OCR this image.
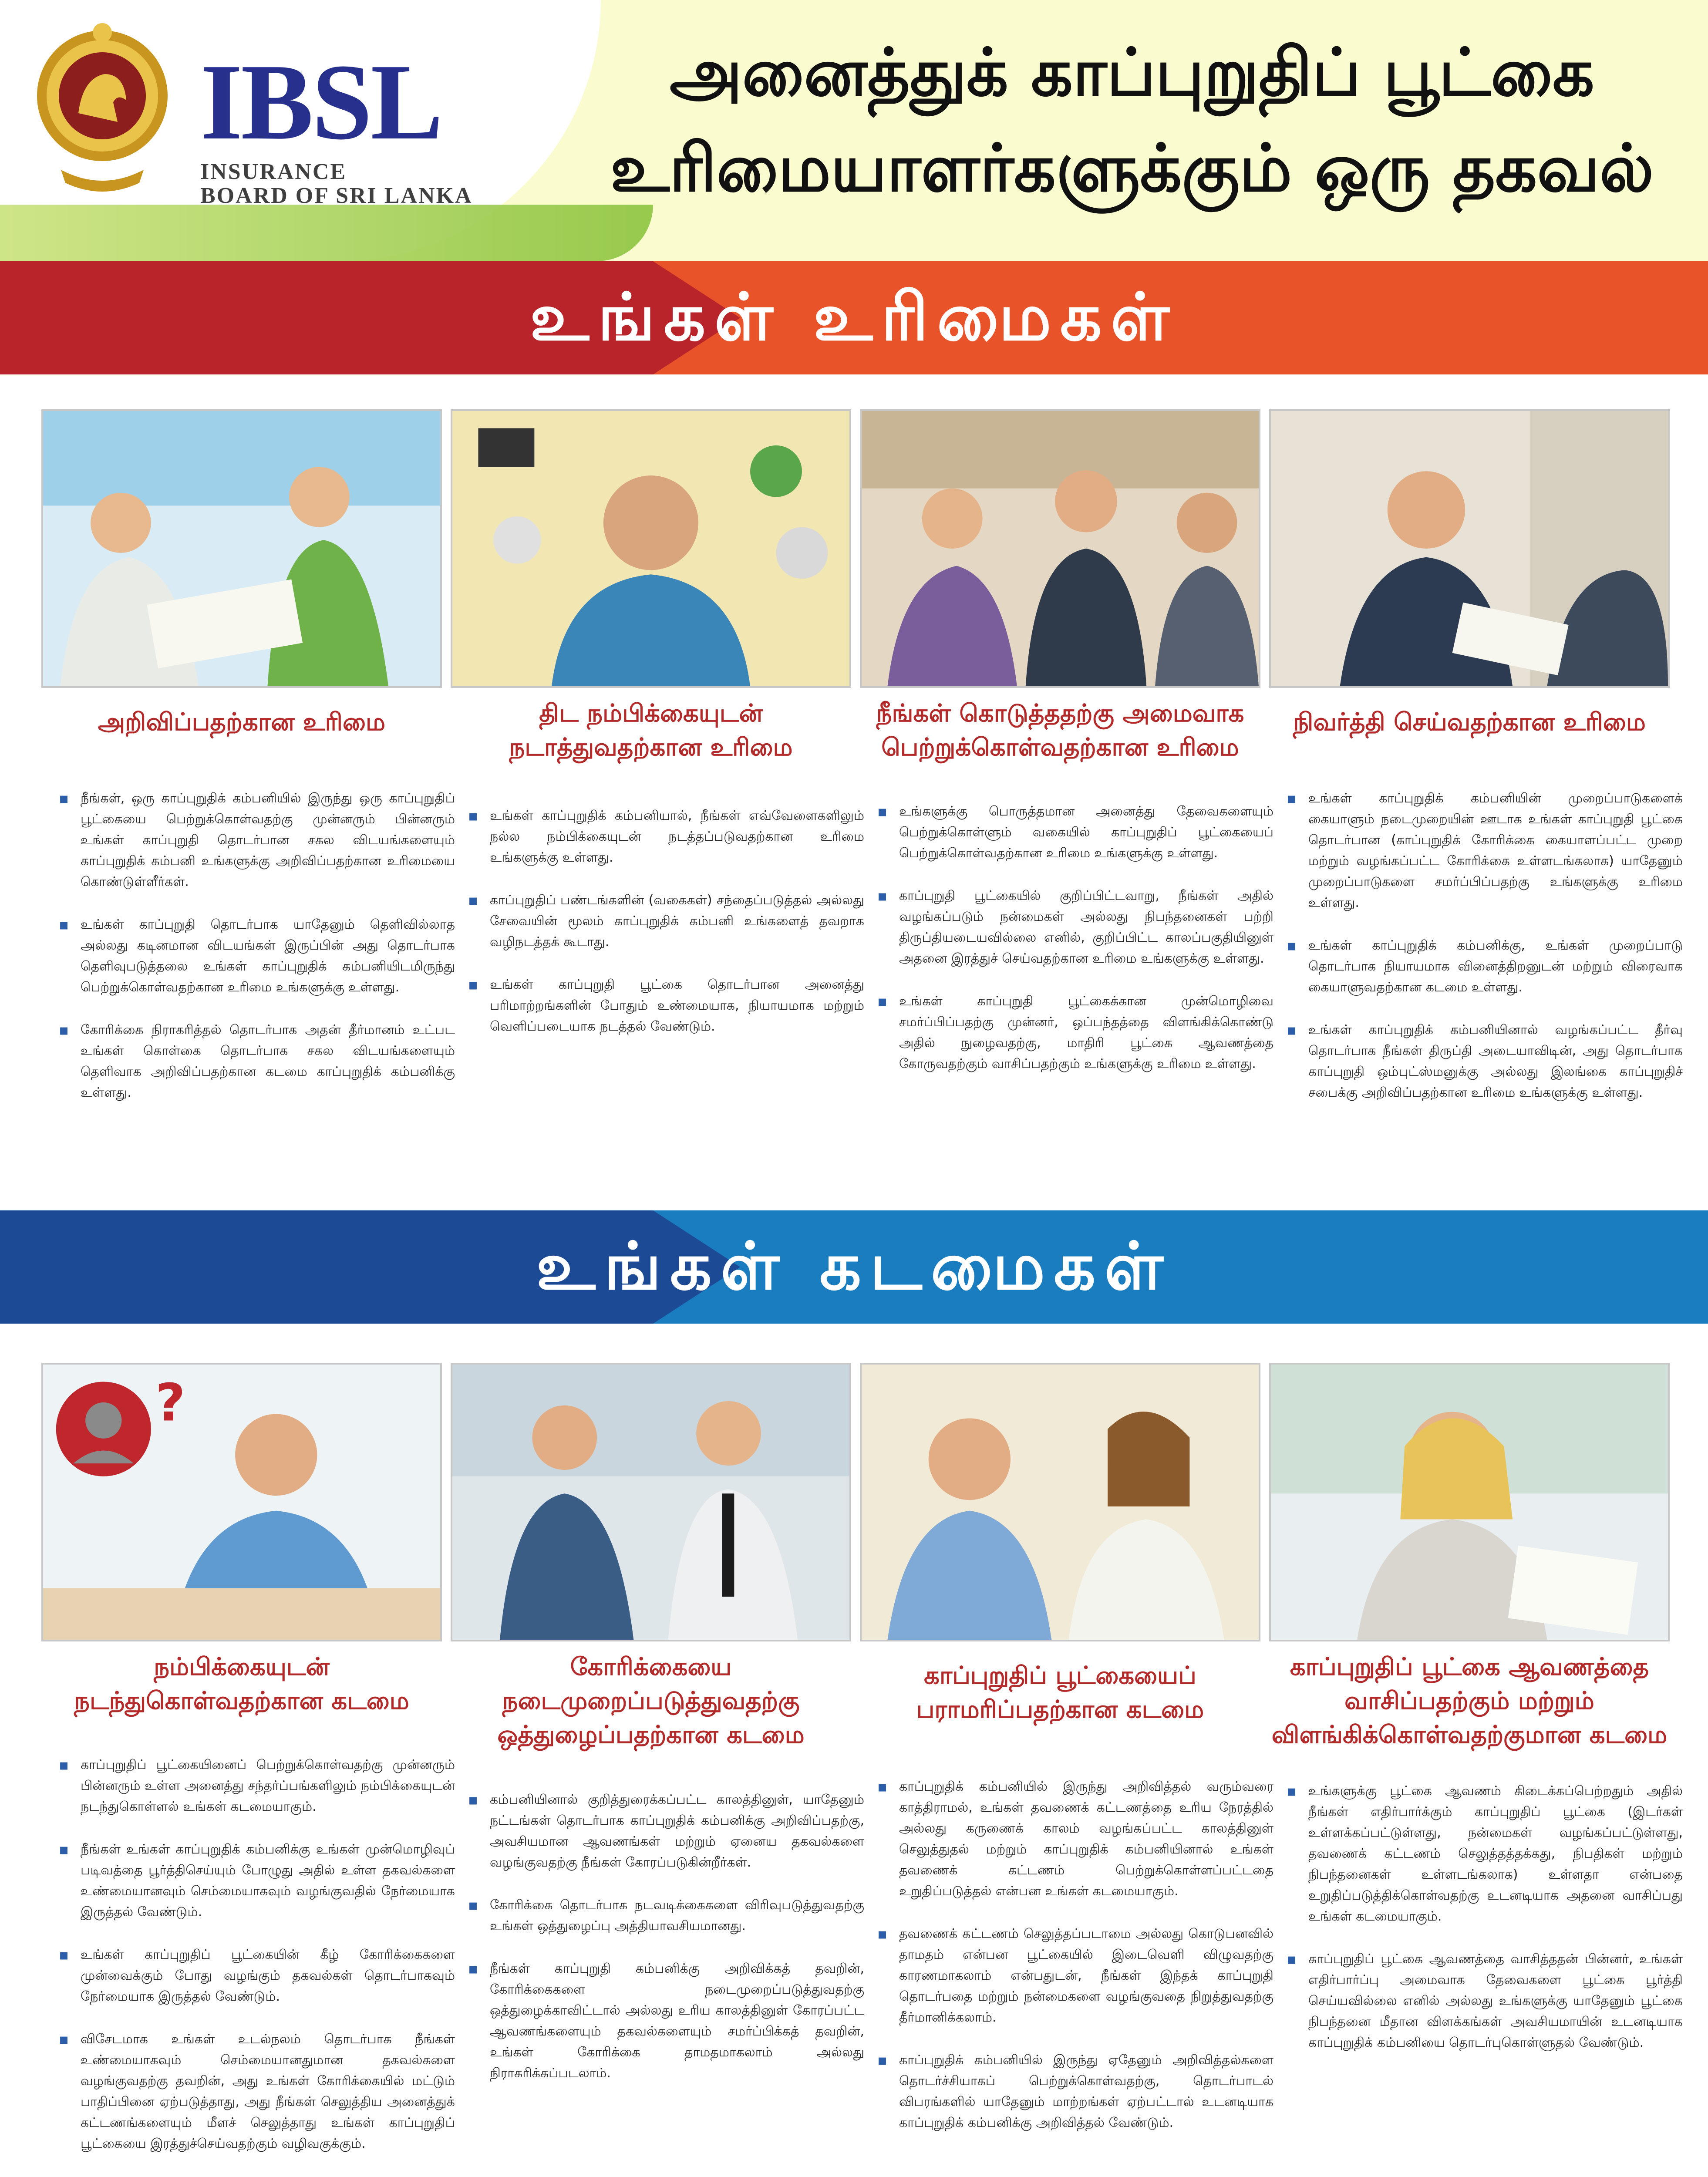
IBSL
INSURANCE
BOARD OF SRI LANKA
அனைத்துக் காப்புறுதிப் பூட்கை
உரிமையாளர்களுக்கும் ஒரு தகவல்
உங்கள் உரிமைகள்
அறிவிப்பதற்கான உரிமை
▪ நீங்கள், ஒரு காப்புறுதிக் கம்பனியில் இருந்து ஒரு காப்புறுதிப் பூட்கையை பெற்றுக்கொள்வதற்கு முன்னரும் பின்னரும் உங்கள் காப்புறுதி தொடர்பான சகல விடயங்களையும் காப்புறுதிக் கம்பனி உங்களுக்கு அறிவிப்பதற்கான உரிமையை கொண்டுள்ளீர்கள்.
▪ உங்கள் காப்புறுதி தொடர்பாக யாதேனும் தெளிவில்லாத அல்லது கடினமான விடயங்கள் இருப்பின் அது தொடர்பாக தெளிவுபடுத்தலை உங்கள் காப்புறுதிக் கம்பனியிடமிருந்து பெற்றுக்கொள்வதற்கான உரிமை உங்களுக்கு உள்ளது.
▪ கோரிக்கை நிராகரித்தல் தொடர்பாக அதன் தீர்மானம் உட்பட உங்கள் கொள்கை தொடர்பாக சகல விடயங்களையும் தெளிவாக அறிவிப்பதற்கான கடமை காப்புறுதிக் கம்பனிக்கு உள்ளது.
திட நம்பிக்கையுடன் நடாத்துவதற்கான உரிமை
▪ உங்கள் காப்புறுதிக் கம்பனியால், நீங்கள் எவ்வேளைகளிலும் நல்ல நம்பிக்கையுடன் நடத்தப்படுவதற்கான உரிமை உங்களுக்கு உள்ளது.
▪ காப்புறுதிப் பண்டங்களின் (வகைகள்) சந்தைப்படுத்தல் அல்லது சேவையின் மூலம் காப்புறுதிக் கம்பனி உங்களைத் தவறாக வழிநடத்தக் கூடாது.
▪ உங்கள் காப்புறுதி பூட்கை தொடர்பான அனைத்து பரிமாற்றங்களின் போதும் உண்மையாக, நியாயமாக மற்றும் வெளிப்படையாக நடத்தல் வேண்டும்.
நீங்கள் கொடுத்ததற்கு அமைவாக பெற்றுக்கொள்வதற்கான உரிமை
▪ உங்களுக்கு பொருத்தமான அனைத்து தேவைகளையும் பெற்றுக்கொள்ளும் வகையில் காப்புறுதிப் பூட்கையைப் பெற்றுக்கொள்வதற்கான உரிமை உங்களுக்கு உள்ளது.
▪ காப்புறுதி பூட்கையில் குறிப்பிட்டவாறு, நீங்கள் அதில் வழங்கப்படும் நன்மைகள் அல்லது நிபந்தனைகள் பற்றி திருப்தியடையவில்லை எனில், குறிப்பிட்ட காலப்பகுதியினுள் அதனை இரத்துச் செய்வதற்கான உரிமை உங்களுக்கு உள்ளது.
▪ உங்கள் காப்புறுதி பூட்கைக்கான முன்மொழிவை சமர்ப்பிப்பதற்கு முன்னர், ஒப்பந்தத்தை விளங்கிக்கொண்டு அதில் நுழைவதற்கு, மாதிரி பூட்கை ஆவணத்தை கோருவதற்கும் வாசிப்பதற்கும் உங்களுக்கு உரிமை உள்ளது.
நிவர்த்தி செய்வதற்கான உரிமை
▪ உங்கள் காப்புறுதிக் கம்பனியின் முறைப்பாடுகளைக் கையாளும் நடைமுறையின் ஊடாக உங்கள் காப்புறுதி பூட்கை தொடர்பான (காப்புறுதிக் கோரிக்கை கையாளப்பட்ட முறை மற்றும் வழங்கப்பட்ட கோரிக்கை உள்ளடங்கலாக) யாதேனும் முறைப்பாடுகளை சமர்ப்பிப்பதற்கு உங்களுக்கு உரிமை உள்ளது.
▪ உங்கள் காப்புறுதிக் கம்பனிக்கு, உங்கள் முறைப்பாடு தொடர்பாக நியாயமாக வினைத்திறனுடன் மற்றும் விரைவாக கையாளுவதற்கான கடமை உள்ளது.
▪ உங்கள் காப்புறுதிக் கம்பனியினால் வழங்கப்பட்ட தீர்வு தொடர்பாக நீங்கள் திருப்தி அடையாவிடின், அது தொடர்பாக காப்புறுதி ஒம்புட்ஸ்மனுக்கு அல்லது இலங்கை காப்புறுதிச் சபைக்கு அறிவிப்பதற்கான உரிமை உங்களுக்கு உள்ளது.
உங்கள் கடமைகள்
?
நம்பிக்கையுடன் நடந்துகொள்வதற்கான கடமை
▪ காப்புறுதிப் பூட்கையினைப் பெற்றுக்கொள்வதற்கு முன்னரும் பின்னரும் உள்ள அனைத்து சந்தர்ப்பங்களிலும் நம்பிக்கையுடன் நடந்துகொள்ளல் உங்கள் கடமையாகும்.
▪ நீங்கள் உங்கள் காப்புறுதிக் கம்பனிக்கு உங்கள் முன்மொழிவுப் படிவத்தை பூர்த்திசெய்யும் போழுது அதில் உள்ள தகவல்களை உண்மையானவும் செம்மையாகவும் வழங்குவதில் நேர்மையாக இருத்தல் வேண்டும்.
▪ உங்கள் காப்புறுதிப் பூட்கையின் கீழ் கோரிக்கைகளை முன்வைக்கும் போது வழங்கும் தகவல்கள் தொடர்பாகவும் நேர்மையாக இருத்தல் வேண்டும்.
▪ விசேடமாக உங்கள் உடல்நலம் தொடர்பாக நீங்கள் உண்மையாகவும் செம்மையானதுமான தகவல்களை வழங்குவதற்கு தவறின், அது உங்கள் கோரிக்கையில் மட்டும் பாதிப்பினை ஏற்படுத்தாது, அது நீங்கள் செலுத்திய அனைத்துக் கட்டணங்களையும் மீளச் செலுத்தாது உங்கள் காப்புறுதிப் பூட்கையை இரத்துச்செய்வதற்கும் வழிவகுக்கும்.
கோரிக்கையை நடைமுறைப்படுத்துவதற்கு ஒத்துழைப்பதற்கான கடமை
▪ கம்பனியினால் குறித்துரைக்கப்பட்ட காலத்தினுள், யாதேனும் நட்டங்கள் தொடர்பாக காப்புறுதிக் கம்பனிக்கு அறிவிப்பதற்கு, அவசியமான ஆவணங்கள் மற்றும் ஏனைய தகவல்களை வழங்குவதற்கு நீங்கள் கோரப்படுகின்றீர்கள்.
▪ கோரிக்கை தொடர்பாக நடவடிக்கைகளை விரிவுபடுத்துவதற்கு உங்கள் ஒத்துழைப்பு அத்தியாவசியமானது.
▪ நீங்கள் காப்புறுதி கம்பனிக்கு அறிவிக்கத் தவறின், கோரிக்கைகளை நடைமுறைப்படுத்துவதற்கு ஒத்துழைக்காவிட்டால் அல்லது உரிய காலத்தினுள் கோரப்பட்ட ஆவணங்களையும் தகவல்களையும் சமர்ப்பிக்கத் தவறின், உங்கள் கோரிக்கை தாமதமாகலாம் அல்லது நிராகரிக்கப்படலாம்.
காப்புறுதிப் பூட்கையைப் பராமரிப்பதற்கான கடமை
▪ காப்புறுதிக் கம்பனியில் இருந்து அறிவித்தல் வரும்வரை காத்திராமல், உங்கள் தவணைக் கட்டணத்தை உரிய நேரத்தில் அல்லது கருணைக் காலம் வழங்கப்பட்ட காலத்தினுள் செலுத்துதல் மற்றும் காப்புறுதிக் கம்பனியினால் உங்கள் தவணைக் கட்டணம் பெற்றுக்கொள்ளப்பட்டதை உறுதிப்படுத்தல் என்பன உங்கள் கடமையாகும்.
▪ தவணைக் கட்டணம் செலுத்தப்படாமை அல்லது கொடுபனவில் தாமதம் என்பன பூட்கையில் இடைவெளி விழுவதற்கு காரணமாகலாம் என்பதுடன், நீங்கள் இந்தக் காப்புறுதி தொடர்பதை மற்றும் நன்மைகளை வழங்குவதை நிறுத்துவதற்கு தீர்மானிக்கலாம்.
▪ காப்புறுதிக் கம்பனியில் இருந்து ஏதேனும் அறிவித்தல்களை தொடர்ச்சியாகப் பெற்றுக்கொள்வதற்கு, தொடர்பாடல் விபரங்களில் யாதேனும் மாற்றங்கள் ஏற்பட்டால் உடனடியாக காப்புறுதிக் கம்பனிக்கு அறிவித்தல் வேண்டும்.
காப்புறுதிப் பூட்கை ஆவணத்தை வாசிப்பதற்கும் மற்றும் விளங்கிக்கொள்வதற்குமான கடமை
▪ உங்களுக்கு பூட்கை ஆவணம் கிடைக்கப்பெற்றதும் அதில் நீங்கள் எதிர்பார்க்கும் காப்புறுதிப் பூட்கை (இடர்கள் உள்ளக்கப்பட்டுள்ளது, நன்மைகள் வழங்கப்பட்டுள்ளது, தவணைக் கட்டணம் செலுத்தத்தக்கது, நிபதிகள் மற்றும் நிபந்தனைகள் உள்ளடங்கலாக) உள்ளதா என்பதை உறுதிப்படுத்திக்கொள்வதற்கு உடனடியாக அதனை வாசிப்பது உங்கள் கடமையாகும்.
▪ காப்புறுதிப் பூட்கை ஆவணத்தை வாசித்ததன் பின்னர், உங்கள் எதிர்பார்ப்பு அமைவாக தேவைகளை பூட்கை பூர்த்தி செய்யவில்லை எனில் அல்லது உங்களுக்கு யாதேனும் பூட்கை நிபந்தனை மீதான விளக்கங்கள் அவசியமாயின் உடனடியாக காப்புறுதிக் கம்பனியை தொடர்புகொள்ளுதல் வேண்டும்.
